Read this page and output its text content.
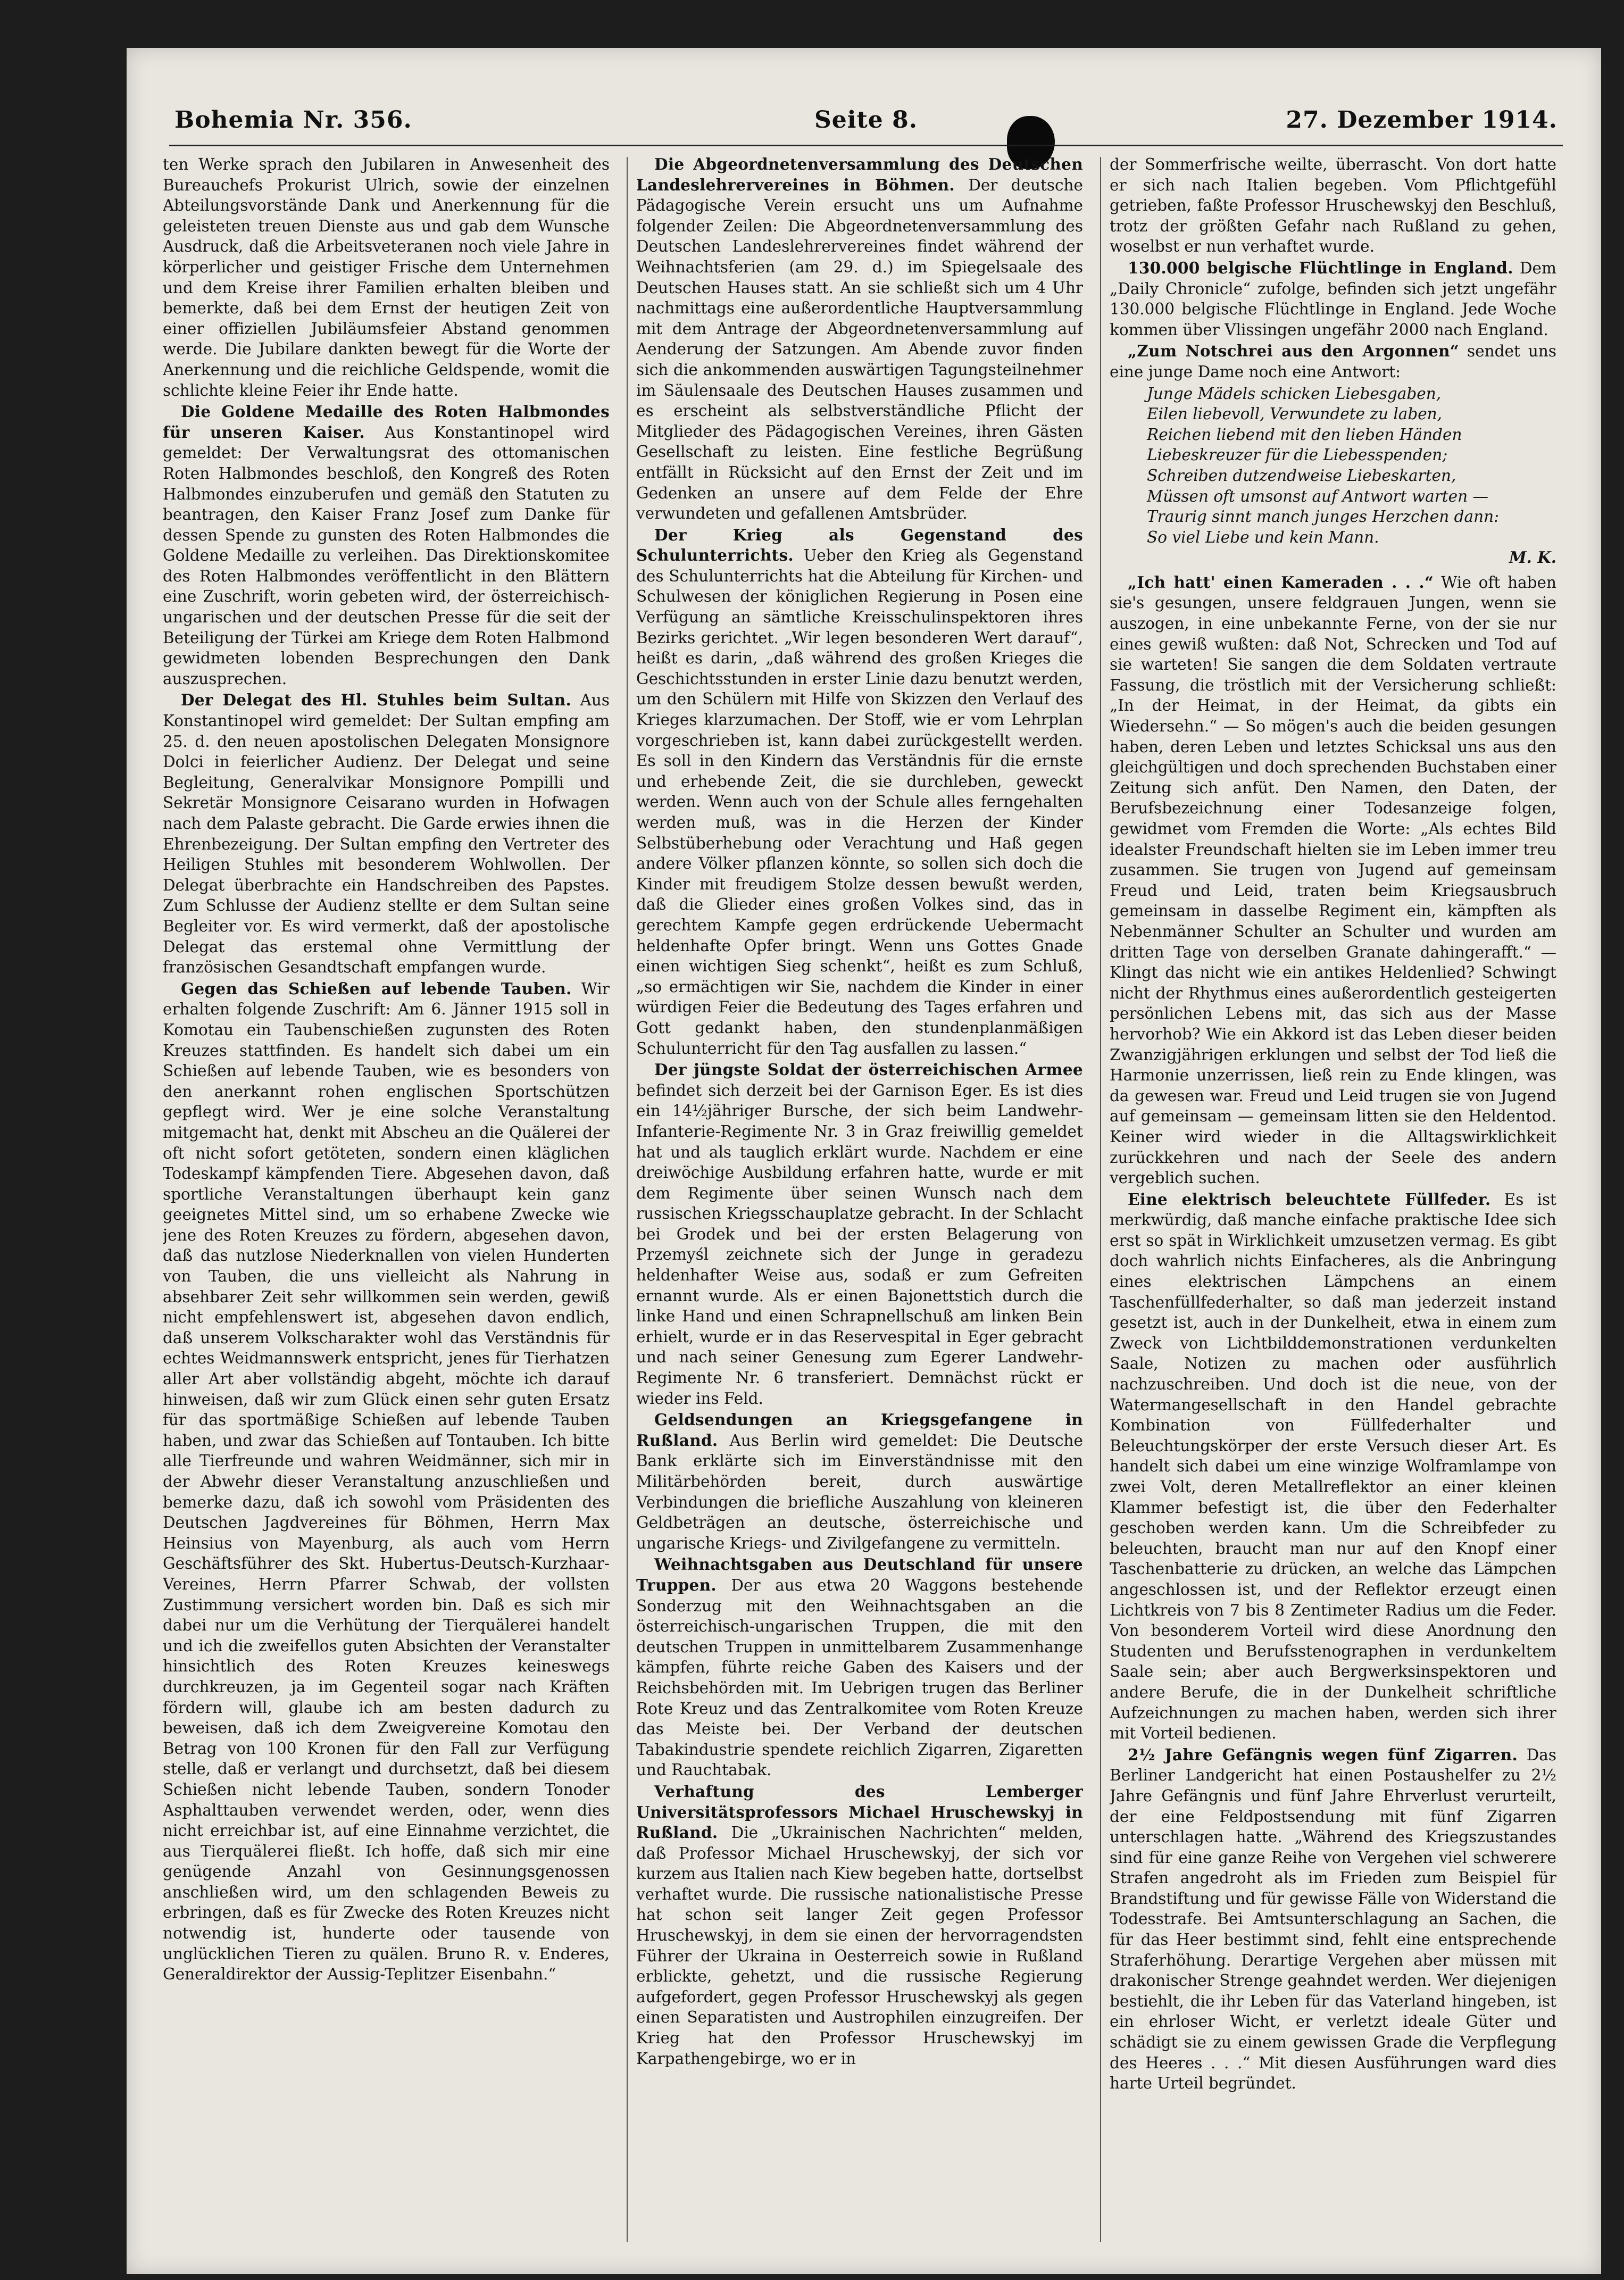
Bohemia Nr. 356.	Seite 8.	27. Dezember 1914.

ten Werke sprach den Jubilaren in Anwesenheit des Bureauchefs Prokurist Ulrich, sowie der einzelnen Abteilungsvorstände Dank und Anerkennung für die geleisteten treuen Dienste aus und gab dem Wunsche Ausdruck, daß die Arbeitsveteranen noch viele Jahre in körperlicher und geistiger Frische dem Unternehmen und dem Kreise ihrer Familien erhalten bleiben und bemerkte, daß bei dem Ernst der heutigen Zeit von einer offiziellen Jubiläumsfeier Abstand genommen werde. Die Jubilare dankten bewegt für die Worte der Anerkennung und die reichliche Geldspende, womit die schlichte kleine Feier ihr Ende hatte.

Die Goldene Medaille des Roten Halbmondes für unseren Kaiser. Aus Konstantinopel wird gemeldet: Der Verwaltungsrat des ottomanischen Roten Halbmondes beschloß, den Kongreß des Roten Halbmondes einzuberufen und gemäß den Statuten zu beantragen, den Kaiser Franz Josef zum Danke für dessen Spende zu gunsten des Roten Halbmondes die Goldene Medaille zu verleihen. Das Direktionskomitee des Roten Halbmondes veröffentlicht in den Blättern eine Zuschrift, worin gebeten wird, der österreichisch-ungarischen und der deutschen Presse für die seit der Beteiligung der Türkei am Kriege dem Roten Halbmond gewidmeten lobenden Besprechungen den Dank auszusprechen.

Der Delegat des Hl. Stuhles beim Sultan. Aus Konstantinopel wird gemeldet: Der Sultan empfing am 25. d. den neuen apostolischen Delegaten Monsignore Dolci in feierlicher Audienz. Der Delegat und seine Begleitung, Generalvikar Monsignore Pompilli und Sekretär Monsignore Ceisarano wurden in Hofwagen nach dem Palaste gebracht. Die Garde erwies ihnen die Ehrenbezeigung. Der Sultan empfing den Vertreter des Heiligen Stuhles mit besonderem Wohlwollen. Der Delegat überbrachte ein Handschreiben des Papstes. Zum Schlusse der Audienz stellte er dem Sultan seine Begleiter vor. Es wird vermerkt, daß der apostolische Delegat das erstemal ohne Vermittlung der französischen Gesandtschaft empfangen wurde.

Gegen das Schießen auf lebende Tauben. Wir erhalten folgende Zuschrift: Am 6. Jänner 1915 soll in Komotau ein Taubenschießen zugunsten des Roten Kreuzes stattfinden. Es handelt sich dabei um ein Schießen auf lebende Tauben, wie es besonders von den anerkannt rohen englischen Sportschützen gepflegt wird. Wer je eine solche Veranstaltung mitgemacht hat, denkt mit Abscheu an die Quälerei der oft nicht sofort getöteten, sondern einen kläglichen Todeskampf kämpfenden Tiere. Abgesehen davon, daß sportliche Veranstaltungen überhaupt kein ganz geeignetes Mittel sind, um so erhabene Zwecke wie jene des Roten Kreuzes zu fördern, abgesehen davon, daß das nutzlose Niederknallen von vielen Hunderten von Tauben, die uns vielleicht als Nahrung in absehbarer Zeit sehr willkommen sein werden, gewiß nicht empfehlenswert ist, abgesehen davon endlich, daß unserem Volkscharakter wohl das Verständnis für echtes Weidmannswerk entspricht, jenes für Tierhatzen aller Art aber vollständig abgeht, möchte ich darauf hinweisen, daß wir zum Glück einen sehr guten Ersatz für das sportmäßige Schießen auf lebende Tauben haben, und zwar das Schießen auf Tontauben. Ich bitte alle Tierfreunde und wahren Weidmänner, sich mir in der Abwehr dieser Veranstaltung anzuschließen und bemerke dazu, daß ich sowohl vom Präsidenten des Deutschen Jagdvereines für Böhmen, Herrn Max Heinsius von Mayenburg, als auch vom Herrn Geschäftsführer des Skt. Hubertus-Deutsch-Kurzhaar-Vereines, Herrn Pfarrer Schwab, der vollsten Zustimmung versichert worden bin. Daß es sich mir dabei nur um die Verhütung der Tierquälerei handelt und ich die zweifellos guten Absichten der Veranstalter hinsichtlich des Roten Kreuzes keineswegs durchkreuzen, ja im Gegenteil sogar nach Kräften fördern will, glaube ich am besten dadurch zu beweisen, daß ich dem Zweigvereine Komotau den Betrag von 100 Kronen für den Fall zur Verfügung stelle, daß er verlangt und durchsetzt, daß bei diesem Schießen nicht lebende Tauben, sondern Tonoder Asphalttauben verwendet werden, oder, wenn dies nicht erreichbar ist, auf eine Einnahme verzichtet, die aus Tierquälerei fließt. Ich hoffe, daß sich mir eine genügende Anzahl von Gesinnungsgenossen anschließen wird, um den schlagenden Beweis zu erbringen, daß es für Zwecke des Roten Kreuzes nicht notwendig ist, hunderte oder tausende von unglücklichen Tieren zu quälen. Bruno R. v. Enderes, Generaldirektor der Aussig-Teplitzer Eisenbahn.“

Die Abgeordnetenversammlung des Deutschen Landeslehrervereines in Böhmen. Der deutsche Pädagogische Verein ersucht uns um Aufnahme folgender Zeilen: Die Abgeordnetenversammlung des Deutschen Landeslehrervereines findet während der Weihnachtsferien (am 29. d.) im Spiegelsaale des Deutschen Hauses statt. An sie schließt sich um 4 Uhr nachmittags eine außerordentliche Hauptversammlung mit dem Antrage der Abgeordnetenversammlung auf Aenderung der Satzungen. Am Abende zuvor finden sich die ankommenden auswärtigen Tagungsteilnehmer im Säulensaale des Deutschen Hauses zusammen und es erscheint als selbstverständliche Pflicht der Mitglieder des Pädagogischen Vereines, ihren Gästen Gesellschaft zu leisten. Eine festliche Begrüßung entfällt in Rücksicht auf den Ernst der Zeit und im Gedenken an unsere auf dem Felde der Ehre verwundeten und gefallenen Amtsbrüder.

Der Krieg als Gegenstand des Schulunterrichts. Ueber den Krieg als Gegenstand des Schulunterrichts hat die Abteilung für Kirchen- und Schulwesen der königlichen Regierung in Posen eine Verfügung an sämtliche Kreisschulinspektoren ihres Bezirks gerichtet. „Wir legen besonderen Wert darauf“, heißt es darin, „daß während des großen Krieges die Geschichtsstunden in erster Linie dazu benutzt werden, um den Schülern mit Hilfe von Skizzen den Verlauf des Krieges klarzumachen. Der Stoff, wie er vom Lehrplan vorgeschrieben ist, kann dabei zurückgestellt werden. Es soll in den Kindern das Verständnis für die ernste und erhebende Zeit, die sie durchleben, geweckt werden. Wenn auch von der Schule alles ferngehalten werden muß, was in die Herzen der Kinder Selbstüberhebung oder Verachtung und Haß gegen andere Völker pflanzen könnte, so sollen sich doch die Kinder mit freudigem Stolze dessen bewußt werden, daß die Glieder eines großen Volkes sind, das in gerechtem Kampfe gegen erdrückende Uebermacht heldenhafte Opfer bringt. Wenn uns Gottes Gnade einen wichtigen Sieg schenkt“, heißt es zum Schluß, „so ermächtigen wir Sie, nachdem die Kinder in einer würdigen Feier die Bedeutung des Tages erfahren und Gott gedankt haben, den stundenplanmäßigen Schulunterricht für den Tag ausfallen zu lassen.“

Der jüngste Soldat der österreichischen Armee befindet sich derzeit bei der Garnison Eger. Es ist dies ein 14½jähriger Bursche, der sich beim Landwehr-Infanterie-Regimente Nr. 3 in Graz freiwillig gemeldet hat und als tauglich erklärt wurde. Nachdem er eine dreiwöchige Ausbildung erfahren hatte, wurde er mit dem Regimente über seinen Wunsch nach dem russischen Kriegsschauplatze gebracht. In der Schlacht bei Grodek und bei der ersten Belagerung von Przemyśl zeichnete sich der Junge in geradezu heldenhafter Weise aus, sodaß er zum Gefreiten ernannt wurde. Als er einen Bajonettstich durch die linke Hand und einen Schrapnellschuß am linken Bein erhielt, wurde er in das Reservespital in Eger gebracht und nach seiner Genesung zum Egerer Landwehr-Regimente Nr. 6 transferiert. Demnächst rückt er wieder ins Feld.

Geldsendungen an Kriegsgefangene in Rußland. Aus Berlin wird gemeldet: Die Deutsche Bank erklärte sich im Einverständnisse mit den Militärbehörden bereit, durch auswärtige Verbindungen die briefliche Auszahlung von kleineren Geldbeträgen an deutsche, österreichische und ungarische Kriegs- und Zivilgefangene zu vermitteln.

Weihnachtsgaben aus Deutschland für unsere Truppen. Der aus etwa 20 Waggons bestehende Sonderzug mit den Weihnachtsgaben an die österreichisch-ungarischen Truppen, die mit den deutschen Truppen in unmittelbarem Zusammenhange kämpfen, führte reiche Gaben des Kaisers und der Reichsbehörden mit. Im Uebrigen trugen das Berliner Rote Kreuz und das Zentralkomitee vom Roten Kreuze das Meiste bei. Der Verband der deutschen Tabakindustrie spendete reichlich Zigarren, Zigaretten und Rauchtabak.

Verhaftung des Lemberger Universitätsprofessors Michael Hruschewskyj in Rußland. Die „Ukrainischen Nachrichten“ melden, daß Professor Michael Hruschewskyj, der sich vor kurzem aus Italien nach Kiew begeben hatte, dortselbst verhaftet wurde. Die russische nationalistische Presse hat schon seit langer Zeit gegen Professor Hruschewskyj, in dem sie einen der hervorragendsten Führer der Ukraina in Oesterreich sowie in Rußland erblickte, gehetzt, und die russische Regierung aufgefordert, gegen Professor Hruschewskyj als gegen einen Separatisten und Austrophilen einzugreifen. Der Krieg hat den Professor Hruschewskyj im Karpathengebirge, wo er in

der Sommerfrische weilte, überrascht. Von dort hatte er sich nach Italien begeben. Vom Pflichtgefühl getrieben, faßte Professor Hruschewskyj den Beschluß, trotz der größten Gefahr nach Rußland zu gehen, woselbst er nun verhaftet wurde.

130.000 belgische Flüchtlinge in England. Dem „Daily Chronicle“ zufolge, befinden sich jetzt ungefähr 130.000 belgische Flüchtlinge in England. Jede Woche kommen über Vlissingen ungefähr 2000 nach England.

„Zum Notschrei aus den Argonnen“ sendet uns eine junge Dame noch eine Antwort:

Junge Mädels schicken Liebesgaben,
Eilen liebevoll, Verwundete zu laben,
Reichen liebend mit den lieben Händen
Liebeskreuzer für die Liebesspenden;
Schreiben dutzendweise Liebeskarten,
Müssen oft umsonst auf Antwort warten —
Traurig sinnt manch junges Herzchen dann:
So viel Liebe und kein Mann.
M. K.

„Ich hatt' einen Kameraden . . .“ Wie oft haben sie's gesungen, unsere feldgrauen Jungen, wenn sie auszogen, in eine unbekannte Ferne, von der sie nur eines gewiß wußten: daß Not, Schrecken und Tod auf sie warteten! Sie sangen die dem Soldaten vertraute Fassung, die tröstlich mit der Versicherung schließt: „In der Heimat, in der Heimat, da gibts ein Wiedersehn.“ — So mögen's auch die beiden gesungen haben, deren Leben und letztes Schicksal uns aus den gleichgültigen und doch sprechenden Buchstaben einer Zeitung sich anfüt. Den Namen, den Daten, der Berufsbezeichnung einer Todesanzeige folgen, gewidmet vom Fremden die Worte: „Als echtes Bild idealster Freundschaft hielten sie im Leben immer treu zusammen. Sie trugen von Jugend auf gemeinsam Freud und Leid, traten beim Kriegsausbruch gemeinsam in dasselbe Regiment ein, kämpften als Nebenmänner Schulter an Schulter und wurden am dritten Tage von derselben Granate dahingerafft.“ — Klingt das nicht wie ein antikes Heldenlied? Schwingt nicht der Rhythmus eines außerordentlich gesteigerten persönlichen Lebens mit, das sich aus der Masse hervorhob? Wie ein Akkord ist das Leben dieser beiden Zwanzigjährigen erklungen und selbst der Tod ließ die Harmonie unzerrissen, ließ rein zu Ende klingen, was da gewesen war. Freud und Leid trugen sie von Jugend auf gemeinsam — gemeinsam litten sie den Heldentod. Keiner wird wieder in die Alltagswirklichkeit zurückkehren und nach der Seele des andern vergeblich suchen.

Eine elektrisch beleuchtete Füllfeder. Es ist merkwürdig, daß manche einfache praktische Idee sich erst so spät in Wirklichkeit umzusetzen vermag. Es gibt doch wahrlich nichts Einfacheres, als die Anbringung eines elektrischen Lämpchens an einem Taschenfüllfederhalter, so daß man jederzeit instand gesetzt ist, auch in der Dunkelheit, etwa in einem zum Zweck von Lichtbilddemonstrationen verdunkelten Saale, Notizen zu machen oder ausführlich nachzuschreiben. Und doch ist die neue, von der Watermangesellschaft in den Handel gebrachte Kombination von Füllfederhalter und Beleuchtungskörper der erste Versuch dieser Art. Es handelt sich dabei um eine winzige Wolframlampe von zwei Volt, deren Metallreflektor an einer kleinen Klammer befestigt ist, die über den Federhalter geschoben werden kann. Um die Schreibfeder zu beleuchten, braucht man nur auf den Knopf einer Taschenbatterie zu drücken, an welche das Lämpchen angeschlossen ist, und der Reflektor erzeugt einen Lichtkreis von 7 bis 8 Zentimeter Radius um die Feder. Von besonderem Vorteil wird diese Anordnung den Studenten und Berufsstenographen in verdunkeltem Saale sein; aber auch Bergwerksinspektoren und andere Berufe, die in der Dunkelheit schriftliche Aufzeichnungen zu machen haben, werden sich ihrer mit Vorteil bedienen.

2½ Jahre Gefängnis wegen fünf Zigarren. Das Berliner Landgericht hat einen Postaushelfer zu 2½ Jahre Gefängnis und fünf Jahre Ehrverlust verurteilt, der eine Feldpostsendung mit fünf Zigarren unterschlagen hatte. „Während des Kriegszustandes sind für eine ganze Reihe von Vergehen viel schwerere Strafen angedroht als im Frieden zum Beispiel für Brandstiftung und für gewisse Fälle von Widerstand die Todesstrafe. Bei Amtsunterschlagung an Sachen, die für das Heer bestimmt sind, fehlt eine entsprechende Straferhöhung. Derartige Vergehen aber müssen mit drakonischer Strenge geahndet werden. Wer diejenigen bestiehlt, die ihr Leben für das Vaterland hingeben, ist ein ehrloser Wicht, er verletzt ideale Güter und schädigt sie zu einem gewissen Grade die Verpflegung des Heeres . . .“ Mit diesen Ausführungen ward dies harte Urteil begründet.
